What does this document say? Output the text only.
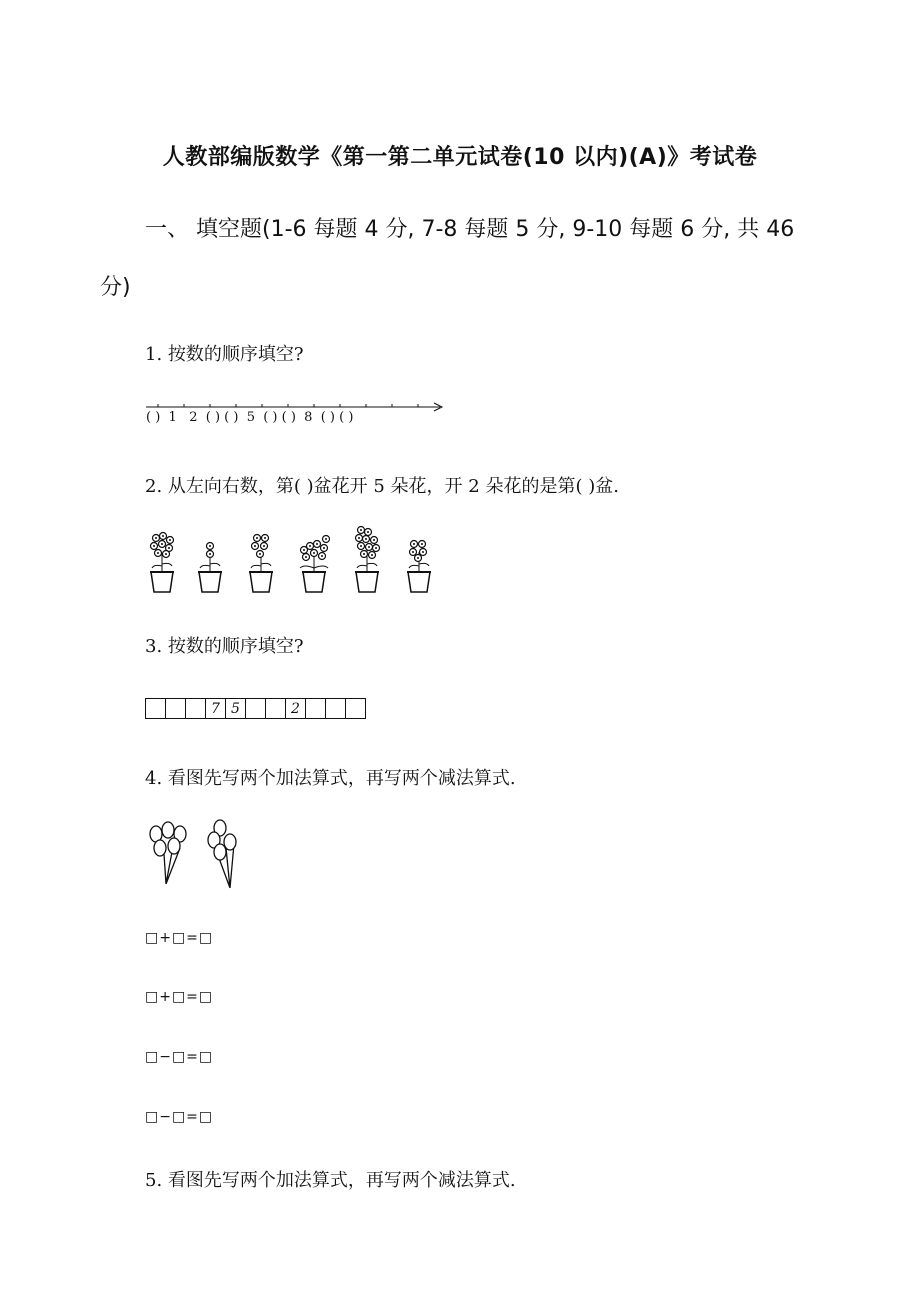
人教部编版数学《第一第二单元试卷(10 以内)(A)》考试卷
一、 填空题(1-6 每题 4 分, 7-8 每题 5 分, 9-10 每题 6 分, 共 46
分)
1. 按数的顺序填空?
( )  1   2  ( ) ( )  5  ( ) ( )  8  ( ) ( )
2. 从左向右数，第( )盆花开 5 朵花，开 2 朵花的是第( )盆.
3. 按数的顺序填空?
7 5	2
4. 看图先写两个加法算式，再写两个减法算式.
□+□=□
□+□=□
□−□=□
□−□=□
5. 看图先写两个加法算式，再写两个减法算式.
